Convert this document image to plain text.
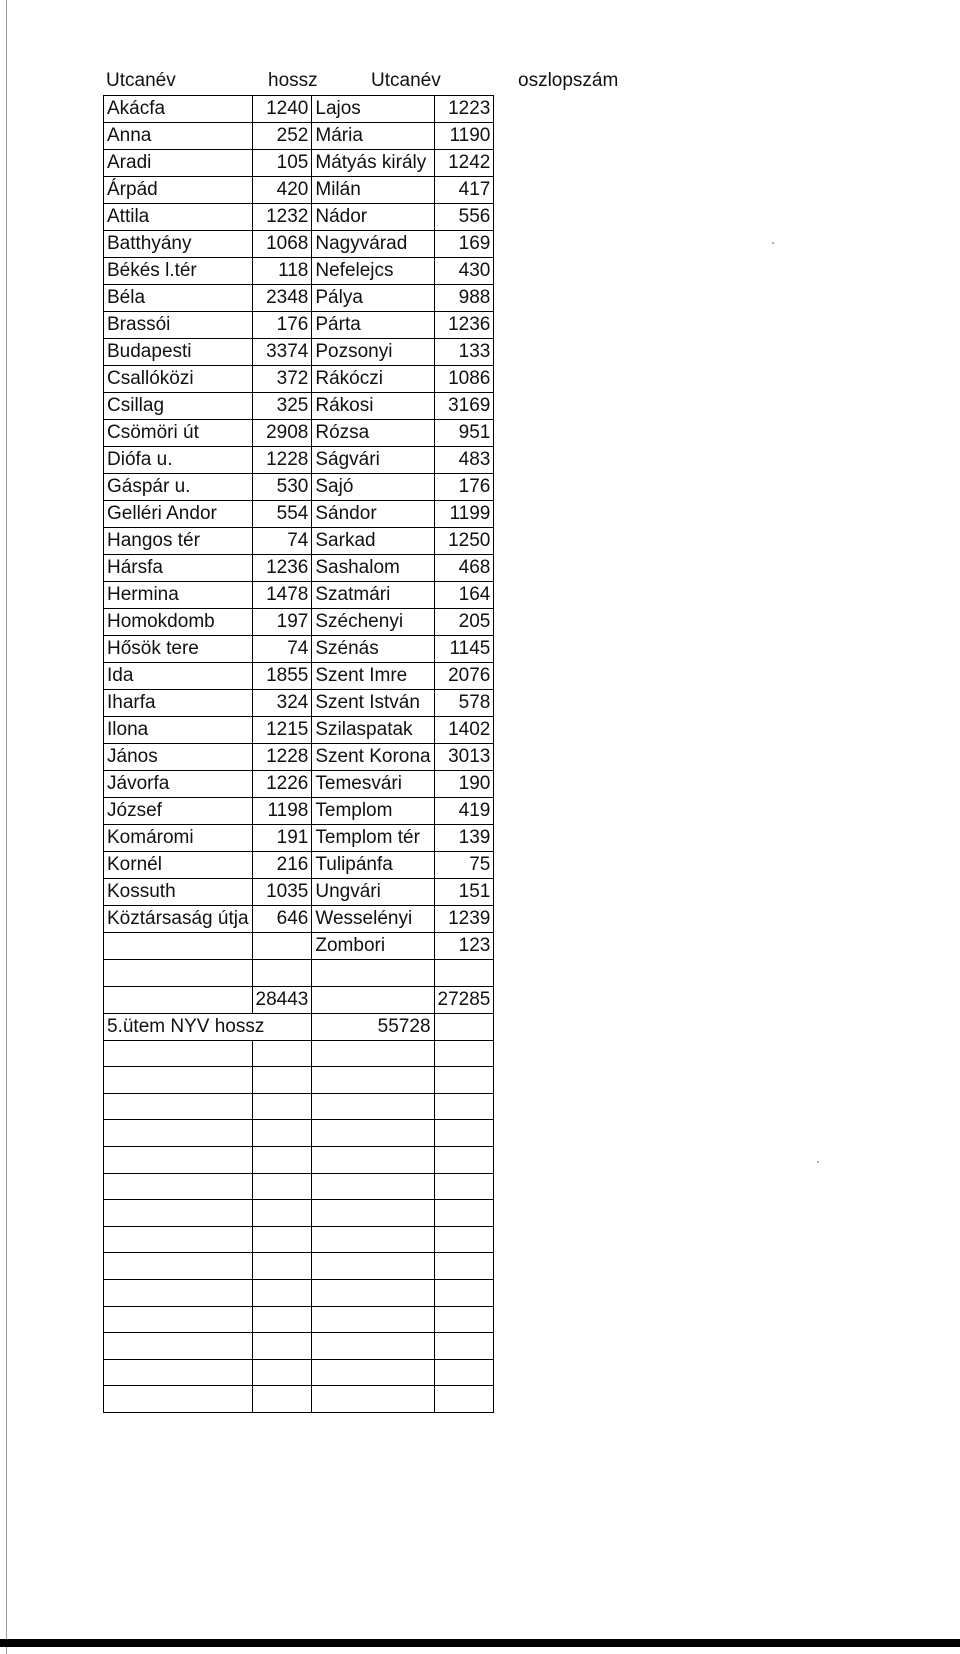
Utcanév	hossz	Utcanév	oszlopszám
Akácfa	1240	Lajos	1223
Anna	252	Mária	1190
Aradi	105	Mátyás király	1242
Árpád	420	Milán	417
Attila	1232	Nádor	556
Batthyány	1068	Nagyvárad	169
Békés l.tér	118	Nefelejcs	430
Béla	2348	Pálya	988
Brassói	176	Párta	1236
Budapesti	3374	Pozsonyi	133
Csallóközi	372	Rákóczi	1086
Csillag	325	Rákosi	3169
Csömöri út	2908	Rózsa	951
Diófa u.	1228	Ságvári	483
Gáspár u.	530	Sajó	176
Gelléri Andor	554	Sándor	1199
Hangos tér	74	Sarkad	1250
Hársfa	1236	Sashalom	468
Hermina	1478	Szatmári	164
Homokdomb	197	Széchenyi	205
Hősök tere	74	Szénás	1145
Ida	1855	Szent Imre	2076
Iharfa	324	Szent István	578
Ilona	1215	Szilaspatak	1402
János	1228	Szent Korona	3013
Jávorfa	1226	Temesvári	190
József	1198	Templom	419
Komáromi	191	Templom tér	139
Kornél	216	Tulipánfa	75
Kossuth	1035	Ungvári	151
Köztársaság útja	646	Wesselényi	1239
		Zombori	123

	28443		27285
5.ütem NYV hossz		55728	
